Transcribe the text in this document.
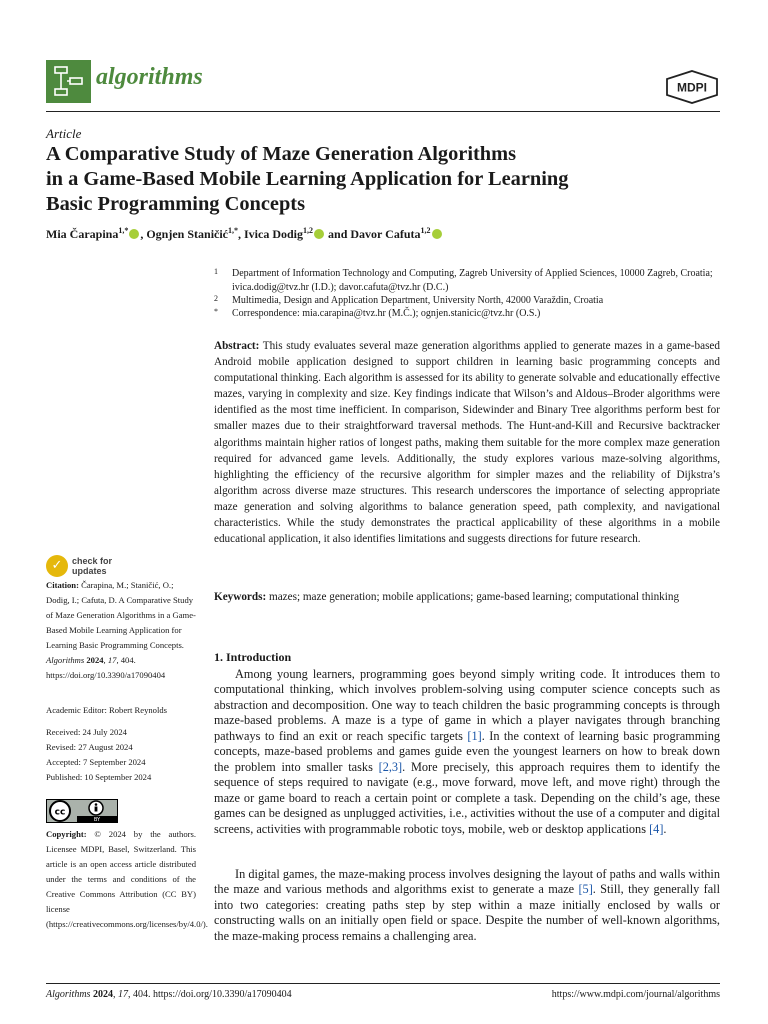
algorithms	MDPI
Article
A Comparative Study of Maze Generation Algorithms
in a Game-Based Mobile Learning Application for Learning
Basic Programming Concepts
Mia Čarapina$^{1,*}$ , Ognjen Staničić$^{1,*}$, Ivica Dodig$^{1,2}$ and Davor Cafuta$^{1,2}$
1 Department of Information Technology and Computing, Zagreb University of Applied Sciences, 10000 Zagreb, Croatia; ivica.dodig@tvz.hr (I.D.); davor.cafuta@tvz.hr (D.C.)
2 Multimedia, Design and Application Department, University North, 42000 Varaždin, Croatia
* Correspondence: mia.carapina@tvz.hr (M.Č.); ognjen.stanicic@tvz.hr (O.S.)

Abstract: This study evaluates several maze generation algorithms applied to generate mazes in a game-based Android mobile application designed to support children in learning basic programming concepts and computational thinking. Each algorithm is assessed for its ability to generate solvable and educationally effective mazes, varying in complexity and size. Key findings indicate that Wilson’s and Aldous–Broder algorithms were identified as the most time inefficient. In comparison, Sidewinder and Binary Tree algorithms perform best for smaller mazes due to their straightforward traversal methods. The Hunt-and-Kill and Recursive backtracker algorithms maintain higher ratios of longest paths, making them suitable for the more complex maze generation required for advanced game levels. Additionally, the study explores various maze-solving algorithms, highlighting the efficiency of the recursive algorithm for simpler mazes and the reliability of Dijkstra’s algorithm across diverse maze structures. This research underscores the importance of selecting appropriate maze generation and solving algorithms to balance generation speed, path complexity, and navigational characteristics. While the study demonstrates the practical applicability of these algorithms in a mobile educational application, it also identifies limitations and suggests directions for future research.

Keywords: mazes; maze generation; mobile applications; game-based learning; computational thinking

✓	check for
updates

Citation: Čarapina, M.; Staničić, O.; Dodig, I.; Cafuta, D. A Comparative Study of Maze Generation Algorithms in a Game-Based Mobile Learning Application for Learning Basic Programming Concepts. Algorithms 2024, 17, 404. https://doi.org/10.3390/a17090404

Academic Editor: Robert Reynolds

Received: 24 July 2024

Revised: 27 August 2024

Accepted: 7 September 2024

Published: 10 September 2024

cc
BY

Copyright: © 2024 by the authors. Licensee MDPI, Basel, Switzerland. This article is an open access article distributed under the terms and conditions of the Creative Commons Attribution (CC BY) license (https://creativecommons.org/licenses/by/4.0/).

1. Introduction

Among young learners, programming goes beyond simply writing code. It introduces them to computational thinking, which involves problem-solving using computer science concepts such as abstraction and decomposition. One way to teach children the basic programming concepts is through maze-based problems. A maze is a type of game in which a player navigates through branching pathways to find an exit or reach specific targets [1]. In the context of learning basic programming concepts, maze-based problems and games guide even the youngest learners on how to break down the problem into smaller tasks [2,3]. More precisely, this approach requires them to identify the sequence of steps required to navigate (e.g., move forward, move left, and move right) through the maze or game board to reach a certain point or complete a task. Depending on the child’s age, these games can be designed as unplugged activities, i.e., activities without the use of a computer and digital screens, activities with programmable robotic toys, mobile, web or desktop applications [4].

In digital games, the maze-making process involves designing the layout of paths and walls within the maze and various methods and algorithms exist to generate a maze [5]. Still, they generally fall into two categories: creating paths step by step within a maze initially enclosed by walls or constructing walls on an initially open field or space. Despite the number of well-known algorithms, the maze-making process remains a challenging area.

Algorithms 2024, 17, 404. https://doi.org/10.3390/a17090404	https://www.mdpi.com/journal/algorithms
